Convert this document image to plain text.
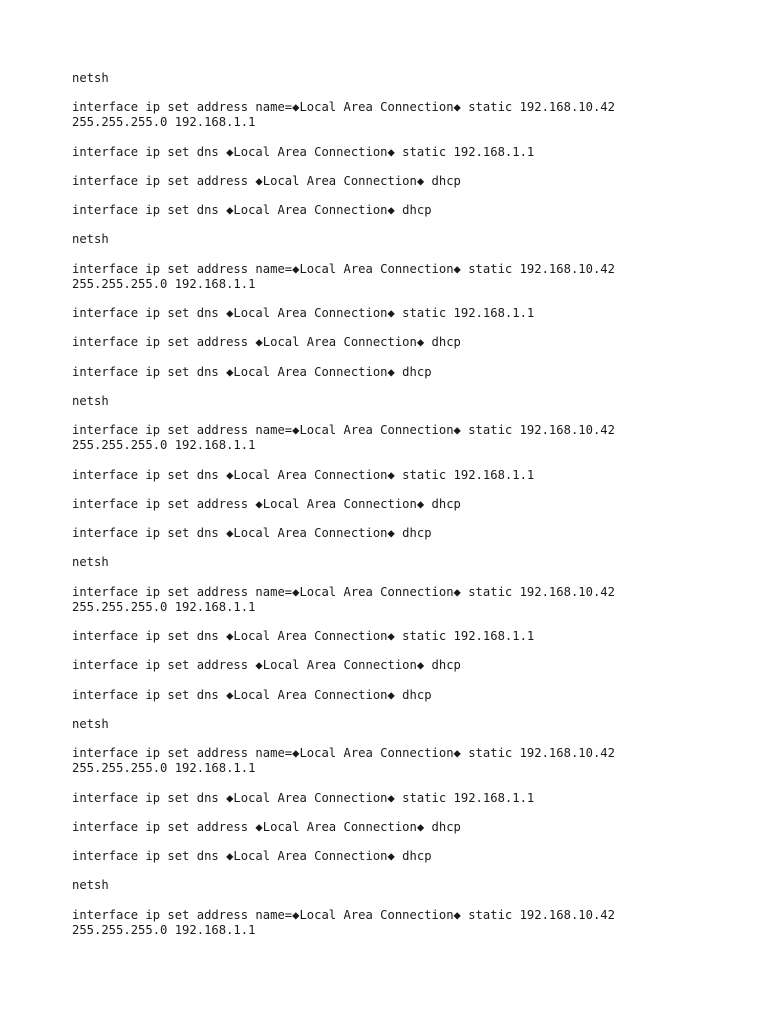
netsh

interface ip set address name=◆Local Area Connection◆ static 192.168.10.42
255.255.255.0 192.168.1.1

interface ip set dns ◆Local Area Connection◆ static 192.168.1.1

interface ip set address ◆Local Area Connection◆ dhcp

interface ip set dns ◆Local Area Connection◆ dhcp

netsh

interface ip set address name=◆Local Area Connection◆ static 192.168.10.42
255.255.255.0 192.168.1.1

interface ip set dns ◆Local Area Connection◆ static 192.168.1.1

interface ip set address ◆Local Area Connection◆ dhcp

interface ip set dns ◆Local Area Connection◆ dhcp

netsh

interface ip set address name=◆Local Area Connection◆ static 192.168.10.42
255.255.255.0 192.168.1.1

interface ip set dns ◆Local Area Connection◆ static 192.168.1.1

interface ip set address ◆Local Area Connection◆ dhcp

interface ip set dns ◆Local Area Connection◆ dhcp

netsh

interface ip set address name=◆Local Area Connection◆ static 192.168.10.42
255.255.255.0 192.168.1.1

interface ip set dns ◆Local Area Connection◆ static 192.168.1.1

interface ip set address ◆Local Area Connection◆ dhcp

interface ip set dns ◆Local Area Connection◆ dhcp

netsh

interface ip set address name=◆Local Area Connection◆ static 192.168.10.42
255.255.255.0 192.168.1.1

interface ip set dns ◆Local Area Connection◆ static 192.168.1.1

interface ip set address ◆Local Area Connection◆ dhcp

interface ip set dns ◆Local Area Connection◆ dhcp

netsh

interface ip set address name=◆Local Area Connection◆ static 192.168.10.42
255.255.255.0 192.168.1.1
